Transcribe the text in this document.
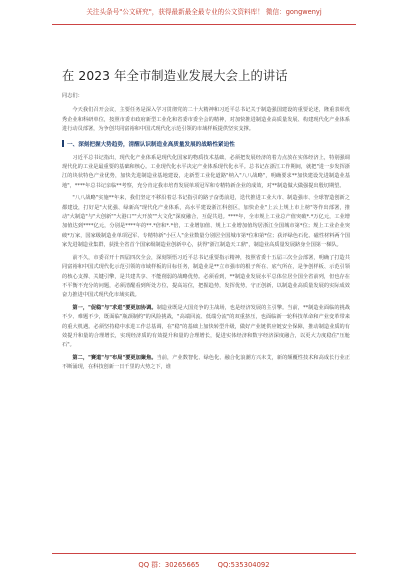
关注头条号"公文研究"，获得最新最全最专业的公文资料库！ 微信：gongwenyj
在 2023 年全市制造业发展大会上的讲话

同志们：

今天我们召开会议，主要任务是深入学习贯彻党的二十大精神和习近平总书记关于制造强国建设的重要论述，隆重表彰优秀企业和科研单位，按照市委市政府新型工业化和省委市委全会的精神，对加快推进制造业高质量发展、构建现代化产业体系进行动员部署，为争创共同富裕和中国式现代化示范引领的市域样板提供坚实支撑。

一、深刻把握大势趋势，清醒认识制造业高质量发展的战略性紧迫性

习近平总书记指出，现代化产业体系是现代化国家的物质技术基础，必须把发展经济的着力点放在实体经济上，特别强调现代化的工业是最重要的基础和核心。工业现代化水平决定产业体系现代化水平。总书记在浙江工作期间，就把"进一步发挥浙江的块状特色产业优势，加快先进制造业基地建设，走新型工业化道路"纳入"八八战略"，明确要求**加快建设先进制造业基地"，****年总书记亲临**考察，充分肯定我市培育发展单项冠军和专精特新企业的成效，对**制造做大做强提出殷切期望。

"八八战略"实施**年来，我们坚定不移沿着总书记指引的路子奋勇前进，迭代推进工业大市、制造强市、全球智造创新之都建设，打好是"大优强、绿新高"现代化产业体系，高水平建设浙江科创区，加快企业"上云上规上市上榜"等作出部署，推动"大制造"与"大创新""大港口""大开放""大文化"深度融合，互促共进。****年，全市规上工业总产值突破*.*万亿元，工业增加值达到****亿元，分别是****年的**.*倍和*.*倍，工业增加值、规上工业增加值均居浙江全国城市第*位；规上工业企业突破*万家，国家级制造业单项冠军、专精特新"小巨人"企业数量分别居全国城市第*位和第*位；获评绿色石化、磁性材料两个国家先进制造业集群，获批全省首个国家级制造业创新中心，获得"浙江制造天工鼎"，制造业高质量发展跻身全国第一梯队。

前不久，市委召开十四届四次全会，深刻领悟习近平总书记重要指示精神，按照省委十五届三次全会部署，明确了打造共同富裕和中国式现代化示范引领的市域样板的目标任务，制造业是**立市强市的根子所在、底气所在，是争创样板、示范引领的核心支撑、关键引擎，是共建共享、不能削弱的战略优势。必须看到，**制造业发展水平总体位居全国全省前列，但也存在不平衡不充分的问题，必须清醒看到所处方位，提高站位，把握趋势，发挥优势，守正创新，以制造业高质量发展的实际成效奋力推进中国式现代化市域实践。

第一，"促稳"与"求进"要更加协调。制造业既是大国竞争的主战场，也是经济发展的主引擎。当前，**制造业面临的挑战不少、难题不少，既面临"瓶颈制约"的风险挑战，"高端回流、低端分流"的双重挤压，也面临新一轮科技革命和产业变革带来的重大机遇。必须坚持稳中求进工作总基调，在"稳"的基础上加快转型升级，做好产业链供应链安全保障，推动制造业质的有效提升和量的合理增长，实现经济质的有效提升和量的合理增长，促进实体经济和数字经济深度融合，以更大力度稳住"压舱石"。

第二，"赛道"与"布局"要更加聚焦。当前，产业数智化、绿色化、融合化浪潮方兴未艾，新的颠覆性技术和高成长行业正不断涌现，在科技创新一日千里的大势之下，谁

QQ 群：30265665	QQ:535304092
